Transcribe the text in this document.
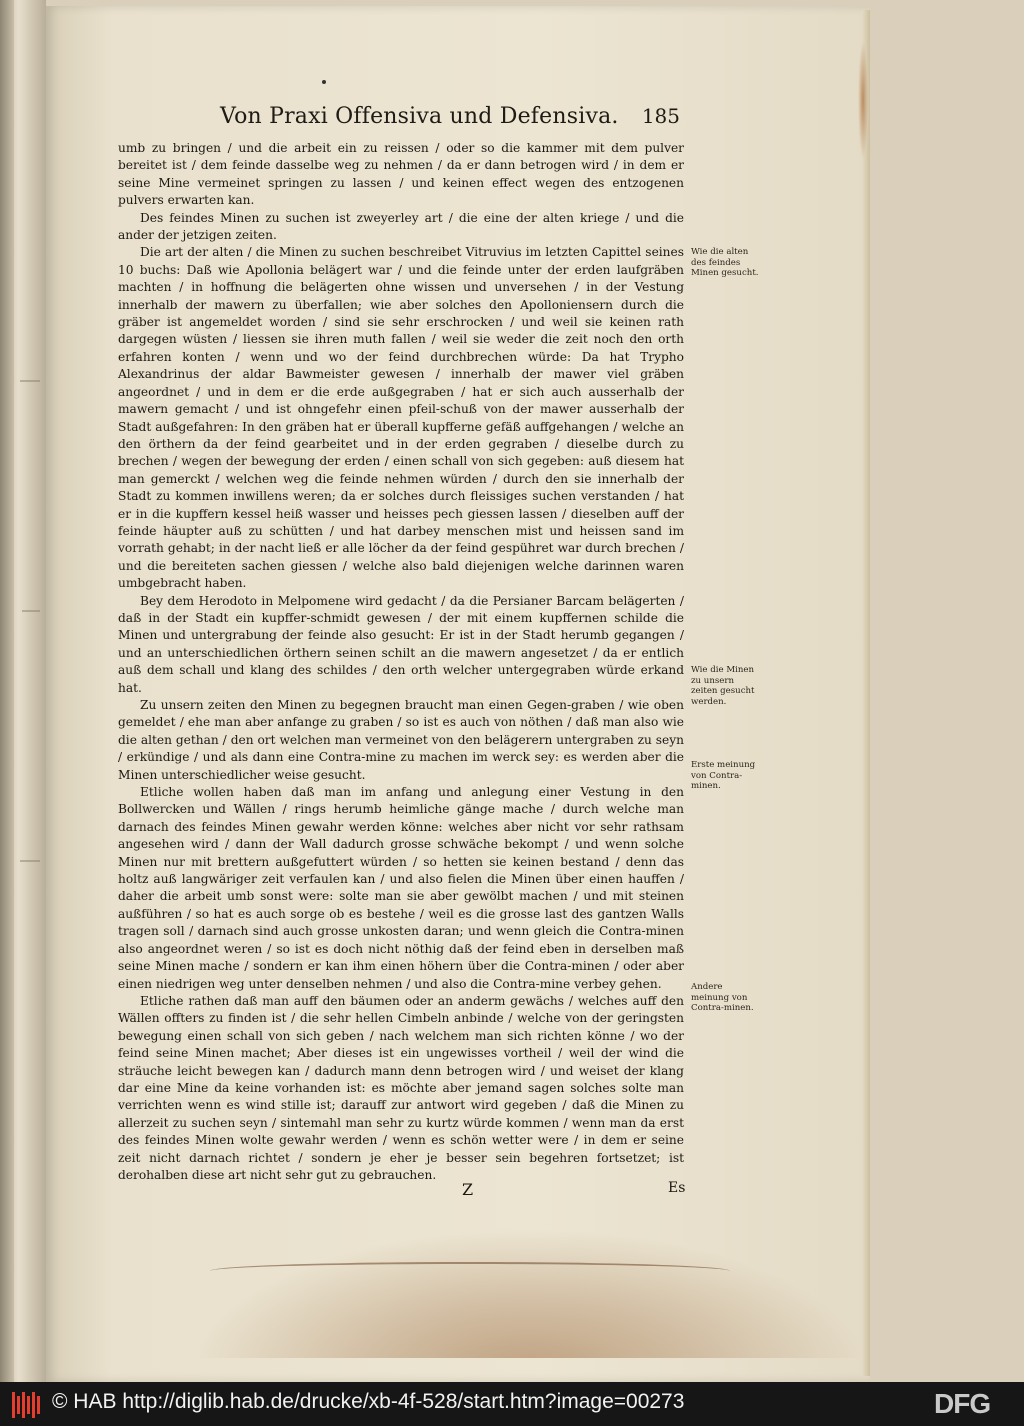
Von Praxi Offensiva und Defensiva. 185

umb zu bringen / und die arbeit ein zu reissen / oder so die kammer mit dem pulver bereitet ist / dem feinde dasselbe weg zu nehmen / da er dann betrogen wird / in dem er seine Mine vermeinet springen zu lassen / und keinen effect wegen des entzogenen pulvers erwarten kan.

Des feindes Minen zu suchen ist zweyerley art / die eine der alten kriege / und die ander der jetzigen zeiten.

Die art der alten / die Minen zu suchen beschreibet Vitruvius im letzten Capittel seines 10 buchs: Daß wie Apollonia belägert war / und die feinde unter der erden laufgräben machten / in hoffnung die belägerten ohne wissen und unversehen / in der Vestung innerhalb der mawern zu überfallen; wie aber solches den Apolloniensern durch die gräber ist angemeldet worden / sind sie sehr erschrocken / und weil sie keinen rath dargegen wüsten / liessen sie ihren muth fallen / weil sie weder die zeit noch den orth erfahren konten / wenn und wo der feind durchbrechen würde: Da hat Trypho Alexandrinus der aldar Bawmeister gewesen / innerhalb der mawer viel gräben angeordnet / und in dem er die erde außgegraben / hat er sich auch ausserhalb der mawern gemacht / und ist ohngefehr einen pfeil-schuß von der mawer ausserhalb der Stadt außgefahren: In den gräben hat er überall kupfferne gefäß auffgehangen / welche an den örthern da der feind gearbeitet und in der erden gegraben / dieselbe durch zu brechen / wegen der bewegung der erden / einen schall von sich gegeben: auß diesem hat man gemerckt / welchen weg die feinde nehmen würden / durch den sie innerhalb der Stadt zu kommen inwillens weren; da er solches durch fleissiges suchen verstanden / hat er in die kupffern kessel heiß wasser und heisses pech giessen lassen / dieselben auff der feinde häupter auß zu schütten / und hat darbey menschen mist und heissen sand im vorrath gehabt; in der nacht ließ er alle löcher da der feind gespühret war durch brechen / und die bereiteten sachen giessen / welche also bald diejenigen welche darinnen waren umbgebracht haben.

Bey dem Herodoto in Melpomene wird gedacht / da die Persianer Barcam belägerten / daß in der Stadt ein kupffer-schmidt gewesen / der mit einem kupffernen schilde die Minen und untergrabung der feinde also gesucht: Er ist in der Stadt herumb gegangen / und an unterschiedlichen örthern seinen schilt an die mawern angesetzet / da er entlich auß dem schall und klang des schildes / den orth welcher untergegraben würde erkand hat.

Zu unsern zeiten den Minen zu begegnen braucht man einen Gegen-graben / wie oben gemeldet / ehe man aber anfange zu graben / so ist es auch von nöthen / daß man also wie die alten gethan / den ort welchen man vermeinet von den belägerern untergraben zu seyn / erkündige / und als dann eine Contra-mine zu machen im werck sey: es werden aber die Minen unterschiedlicher weise gesucht.

Etliche wollen haben daß man im anfang und anlegung einer Vestung in den Bollwercken und Wällen / rings herumb heimliche gänge mache / durch welche man darnach des feindes Minen gewahr werden könne: welches aber nicht vor sehr rathsam angesehen wird / dann der Wall dadurch grosse schwäche bekompt / und wenn solche Minen nur mit brettern außgefuttert würden / so hetten sie keinen bestand / denn das holtz auß langwäriger zeit verfaulen kan / und also fielen die Minen über einen hauffen / daher die arbeit umb sonst were: solte man sie aber gewölbt machen / und mit steinen außführen / so hat es auch sorge ob es bestehe / weil es die grosse last des gantzen Walls tragen soll / darnach sind auch grosse unkosten daran; und wenn gleich die Contra-minen also angeordnet weren / so ist es doch nicht nöthig daß der feind eben in derselben maß seine Minen mache / sondern er kan ihm einen höhern über die Contra-minen / oder aber einen niedrigen weg unter denselben nehmen / und also die Contra-mine verbey gehen.

Etliche rathen daß man auff den bäumen oder an anderm gewächs / welches auff den Wällen offters zu finden ist / die sehr hellen Cimbeln anbinde / welche von der geringsten bewegung einen schall von sich geben / nach welchem man sich richten könne / wo der feind seine Minen machet; Aber dieses ist ein ungewisses vortheil / weil der wind die sträuche leicht bewegen kan / dadurch mann denn betrogen wird / und weiset der klang dar eine Mine da keine vorhanden ist: es möchte aber jemand sagen solches solte man verrichten wenn es wind stille ist; darauff zur antwort wird gegeben / daß die Minen zu allerzeit zu suchen seyn / sintemahl man sehr zu kurtz würde kommen / wenn man da erst des feindes Minen wolte gewahr werden / wenn es schön wetter were / in dem er seine zeit nicht darnach richtet / sondern je eher je besser sein begehren fortsetzet; ist derohalben diese art nicht sehr gut zu gebrauchen.

Wie die alten des feindes Minen gesucht.
Wie die Minen zu unsern zeiten gesucht werden.
Erste meinung von Contra-minen.
Andere meinung von Contra-minen.
Z	Es
© HAB http://diglib.hab.de/drucke/xb-4f-528/start.htm?image=00273	DFG
